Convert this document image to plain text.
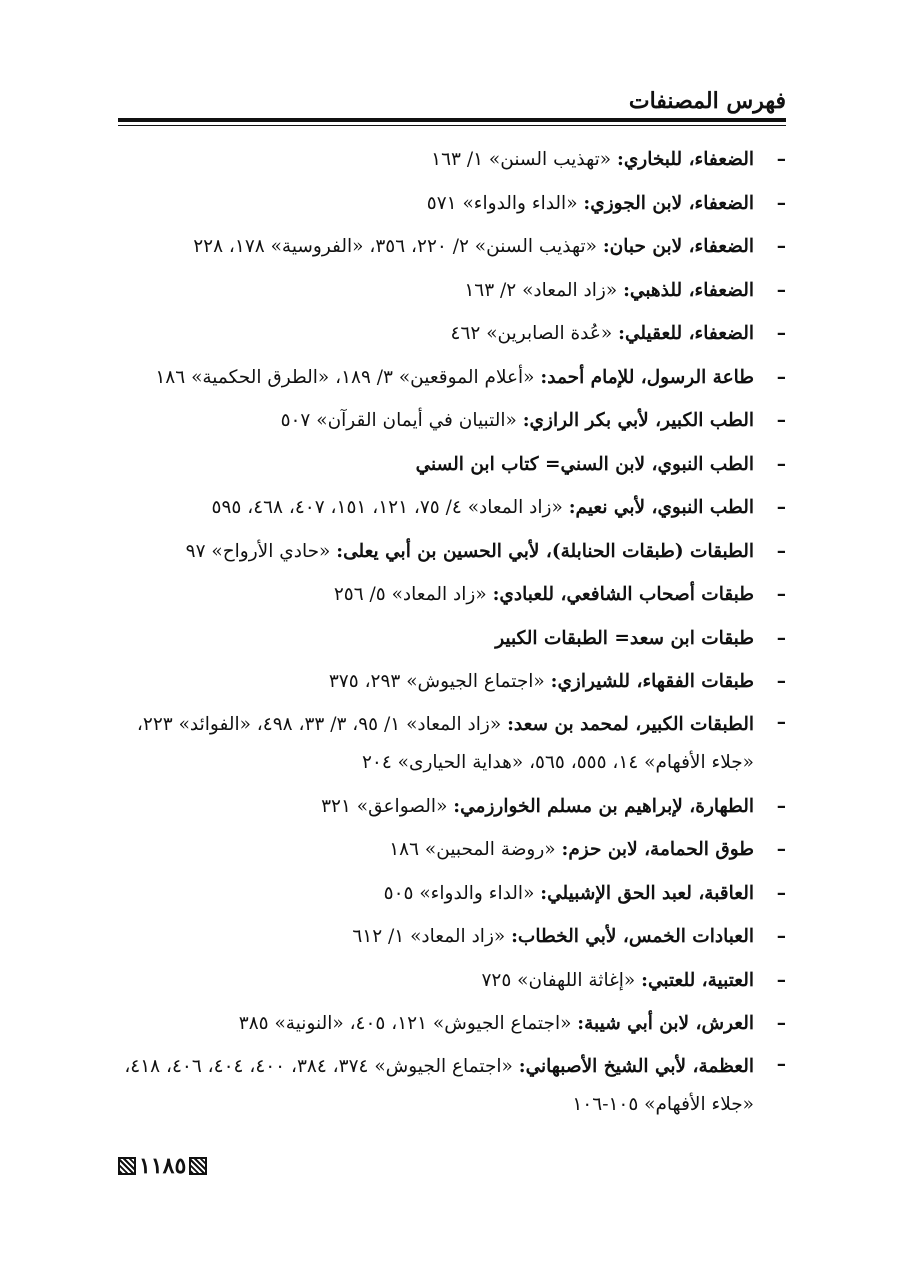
فهرس المصنفات
–
الضعفاء، للبخاري: «تهذيب السنن» ١/ ١٦٣
–
الضعفاء، لابن الجوزي: «الداء والدواء» ٥٧١
–
الضعفاء، لابن حبان: «تهذيب السنن» ٢/ ٢٢٠، ٣٥٦، «الفروسية» ١٧٨، ٢٢٨
–
الضعفاء، للذهبي: «زاد المعاد» ٢/ ١٦٣
–
الضعفاء، للعقيلي: «عُدة الصابرين» ٤٦٢
–
طاعة الرسول، للإمام أحمد: «أعلام الموقعين» ٣/ ١٨٩، «الطرق الحكمية» ١٨٦
–
الطب الكبير، لأبي بكر الرازي: «التبيان في أيمان القرآن» ٥٠٧
–
الطب النبوي، لابن السني= كتاب ابن السني
–
الطب النبوي، لأبي نعيم: «زاد المعاد» ٤/ ٧٥، ١٢١، ١٥١، ٤٠٧، ٤٦٨، ٥٩٥
–
الطبقات (طبقات الحنابلة)، لأبي الحسين بن أبي يعلى: «حادي الأرواح» ٩٧
–
طبقات أصحاب الشافعي، للعبادي: «زاد المعاد» ٥/ ٢٥٦
–
طبقات ابن سعد= الطبقات الكبير
–
طبقات الفقهاء، للشيرازي: «اجتماع الجيوش» ٢٩٣، ٣٧٥
–
الطبقات الكبير، لمحمد بن سعد: «زاد المعاد» ١/ ٩٥، ٣/ ٣٣، ٤٩٨، «الفوائد» ٢٢٣، «جلاء الأفهام» ١٤، ٥٥٥، ٥٦٥، «هداية الحيارى» ٢٠٤
–
الطهارة، لإبراهيم بن مسلم الخوارزمي: «الصواعق» ٣٢١
–
طوق الحمامة، لابن حزم: «روضة المحبين» ١٨٦
–
العاقبة، لعبد الحق الإشبيلي: «الداء والدواء» ٥٠٥
–
العبادات الخمس، لأبي الخطاب: «زاد المعاد» ١/ ٦١٢
–
العتبية، للعتبي: «إغاثة اللهفان» ٧٢٥
–
العرش، لابن أبي شيبة: «اجتماع الجيوش» ١٢١، ٤٠٥، «النونية» ٣٨٥
–
العظمة، لأبي الشيخ الأصبهاني: «اجتماع الجيوش» ٣٧٤، ٣٨٤، ٤٠٠، ٤٠٤، ٤٠٦، ٤١٨، «جلاء الأفهام» ١٠٥-١٠٦
١١٨٥
